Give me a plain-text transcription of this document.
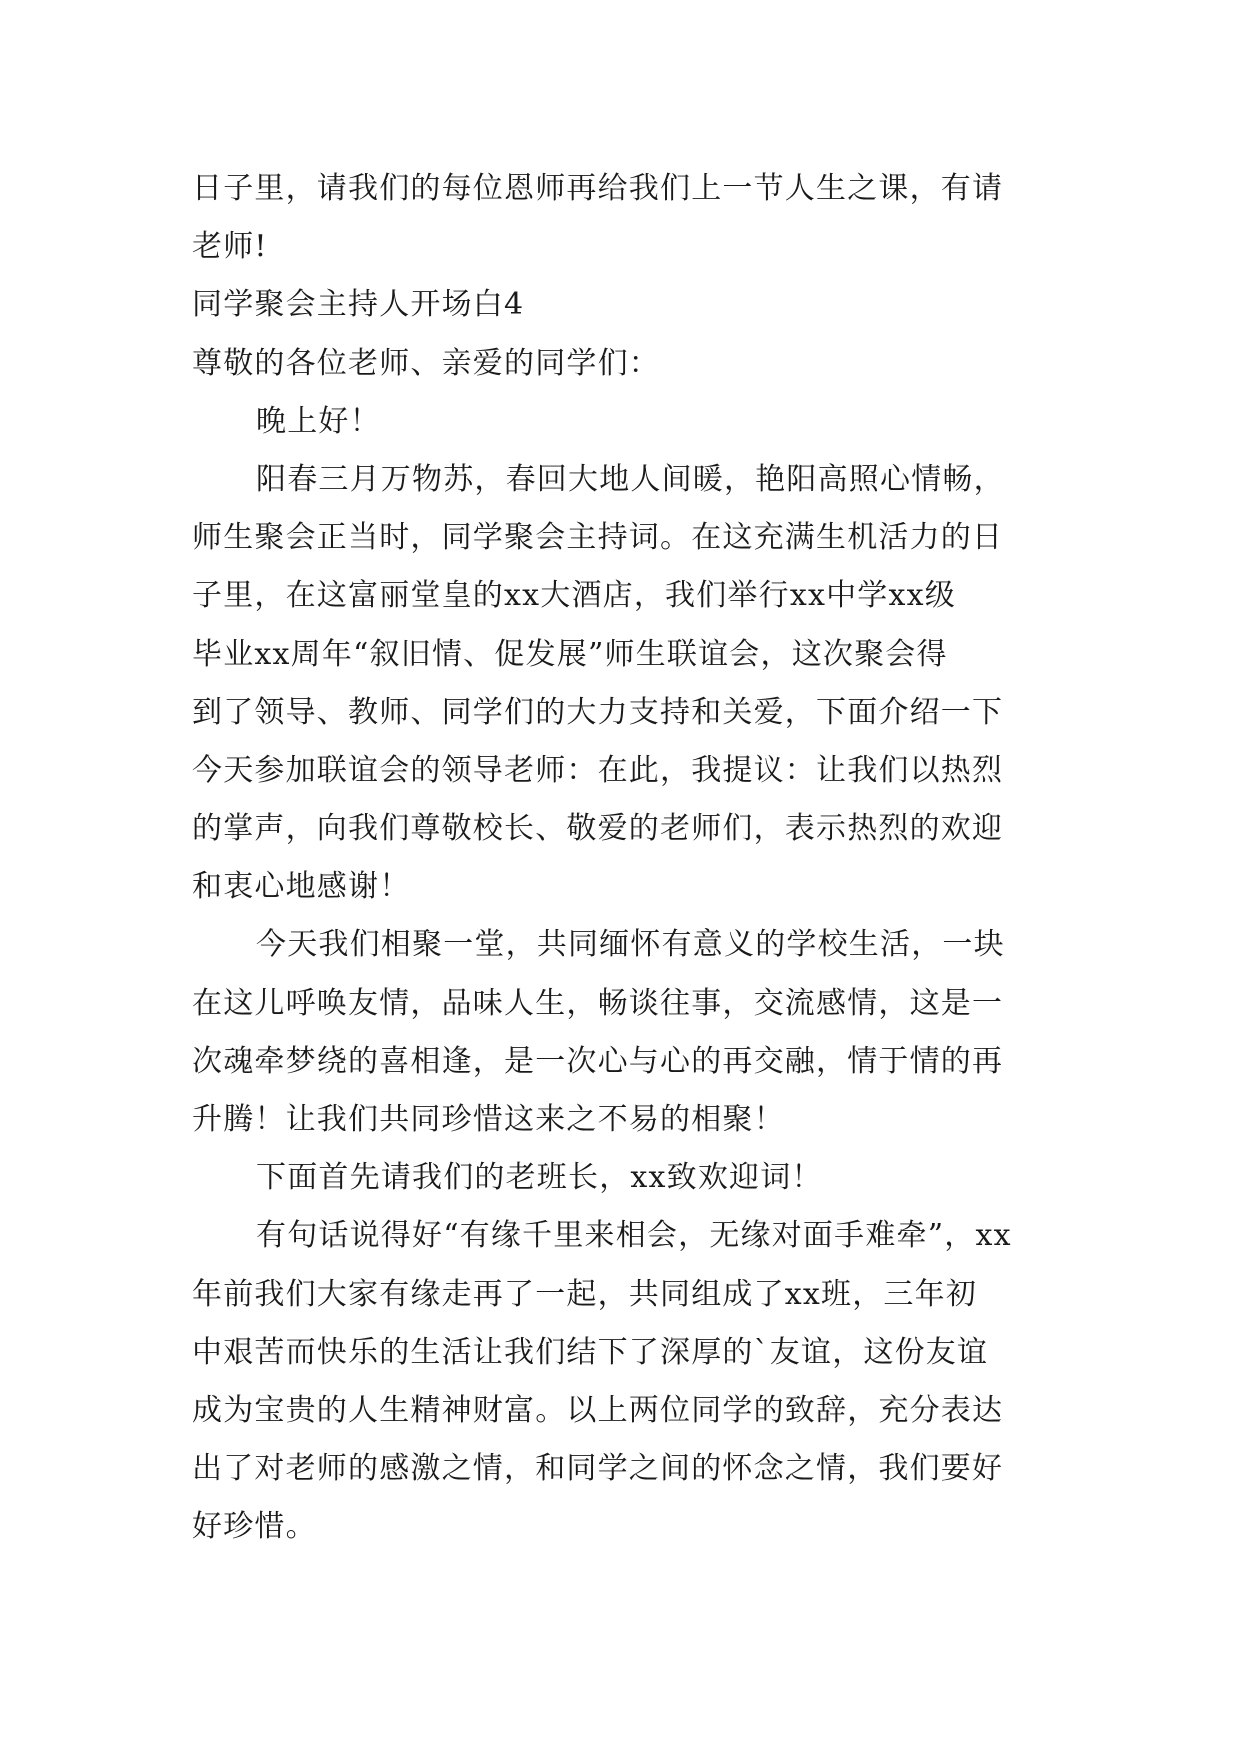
日子里，请我们的每位恩师再给我们上一节人生之课，有请
老师!
同学聚会主持人开场白4
尊敬的各位老师、亲爱的同学们：
晚上好！
阳春三月万物苏，春回大地人间暖，艳阳高照心情畅，
师生聚会正当时，同学聚会主持词。在这充满生机活力的日
子里，在这富丽堂皇的xx大酒店，我们举行xx中学xx级
毕业xx周年“叙旧情、促发展”师生联谊会，这次聚会得
到了领导、教师、同学们的大力支持和关爱，下面介绍一下
今天参加联谊会的领导老师：在此，我提议：让我们以热烈
的掌声，向我们尊敬校长、敬爱的老师们，表示热烈的欢迎
和衷心地感谢！
今天我们相聚一堂，共同缅怀有意义的学校生活，一块
在这儿呼唤友情，品味人生，畅谈往事，交流感情，这是一
次魂牵梦绕的喜相逢，是一次心与心的再交融，情于情的再
升腾！让我们共同珍惜这来之不易的相聚！
下面首先请我们的老班长，xx致欢迎词！
有句话说得好“有缘千里来相会，无缘对面手难牵”，xx
年前我们大家有缘走再了一起，共同组成了xx班，三年初
中艰苦而快乐的生活让我们结下了深厚的`友谊，这份友谊
成为宝贵的人生精神财富。以上两位同学的致辞，充分表达
出了对老师的感激之情，和同学之间的怀念之情，我们要好
好珍惜。
